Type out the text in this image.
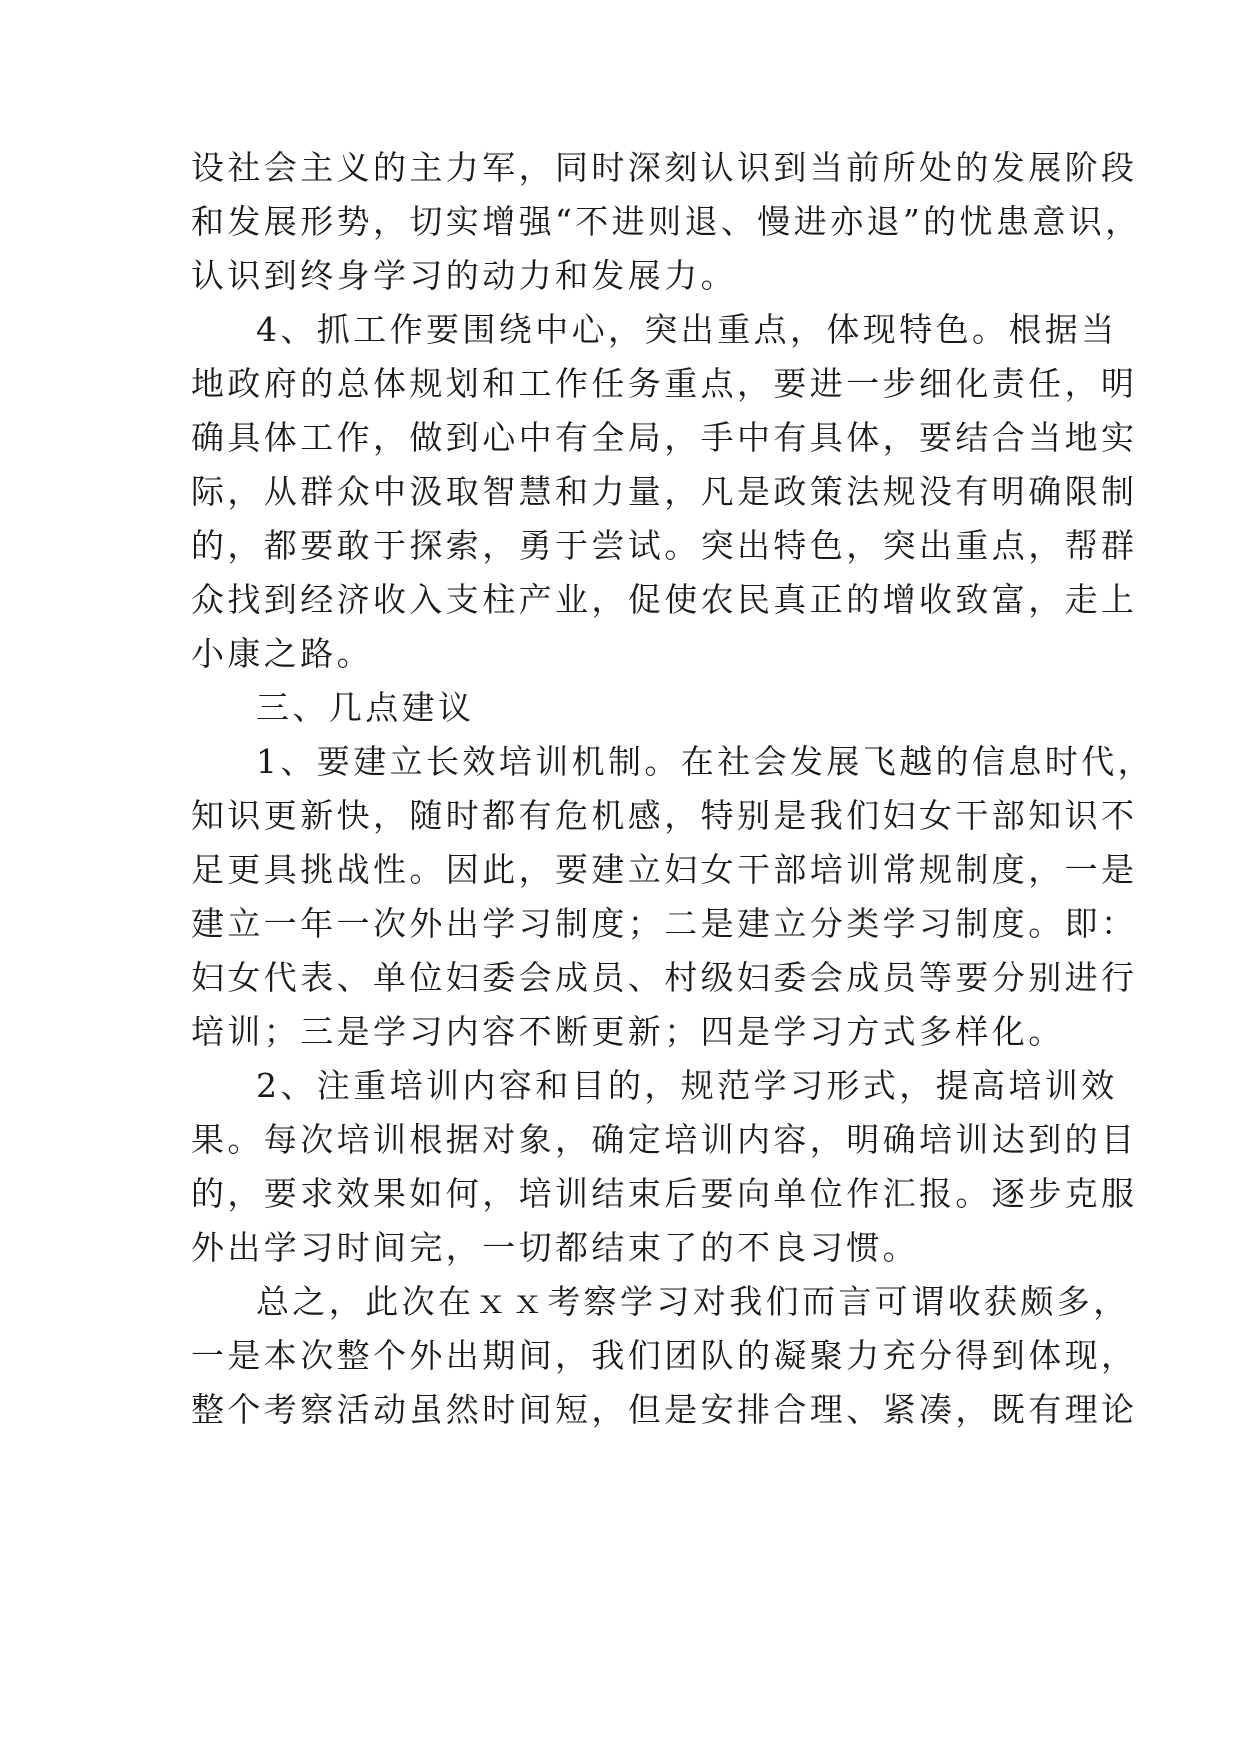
设社会主义的主力军，同时深刻认识到当前所处的发展阶段
和发展形势，切实增强“不进则退、慢进亦退”的忧患意识，
认识到终身学习的动力和发展力。
4、抓工作要围绕中心，突出重点，体现特色。根据当
地政府的总体规划和工作任务重点，要进一步细化责任，明
确具体工作，做到心中有全局，手中有具体，要结合当地实
际，从群众中汲取智慧和力量，凡是政策法规没有明确限制
的，都要敢于探索，勇于尝试。突出特色，突出重点，帮群
众找到经济收入支柱产业，促使农民真正的增收致富，走上
小康之路。
三、几点建议
1、要建立长效培训机制。在社会发展飞越的信息时代，
知识更新快，随时都有危机感，特别是我们妇女干部知识不
足更具挑战性。因此，要建立妇女干部培训常规制度，一是
建立一年一次外出学习制度；二是建立分类学习制度。即：
妇女代表、单位妇委会成员、村级妇委会成员等要分别进行
培训；三是学习内容不断更新；四是学习方式多样化。
2、注重培训内容和目的，规范学习形式，提高培训效
果。每次培训根据对象，确定培训内容，明确培训达到的目
的，要求效果如何，培训结束后要向单位作汇报。逐步克服
外出学习时间完，一切都结束了的不良习惯。
总之，此次在ｘｘ考察学习对我们而言可谓收获颇多，
一是本次整个外出期间，我们团队的凝聚力充分得到体现，
整个考察活动虽然时间短，但是安排合理、紧凑，既有理论
